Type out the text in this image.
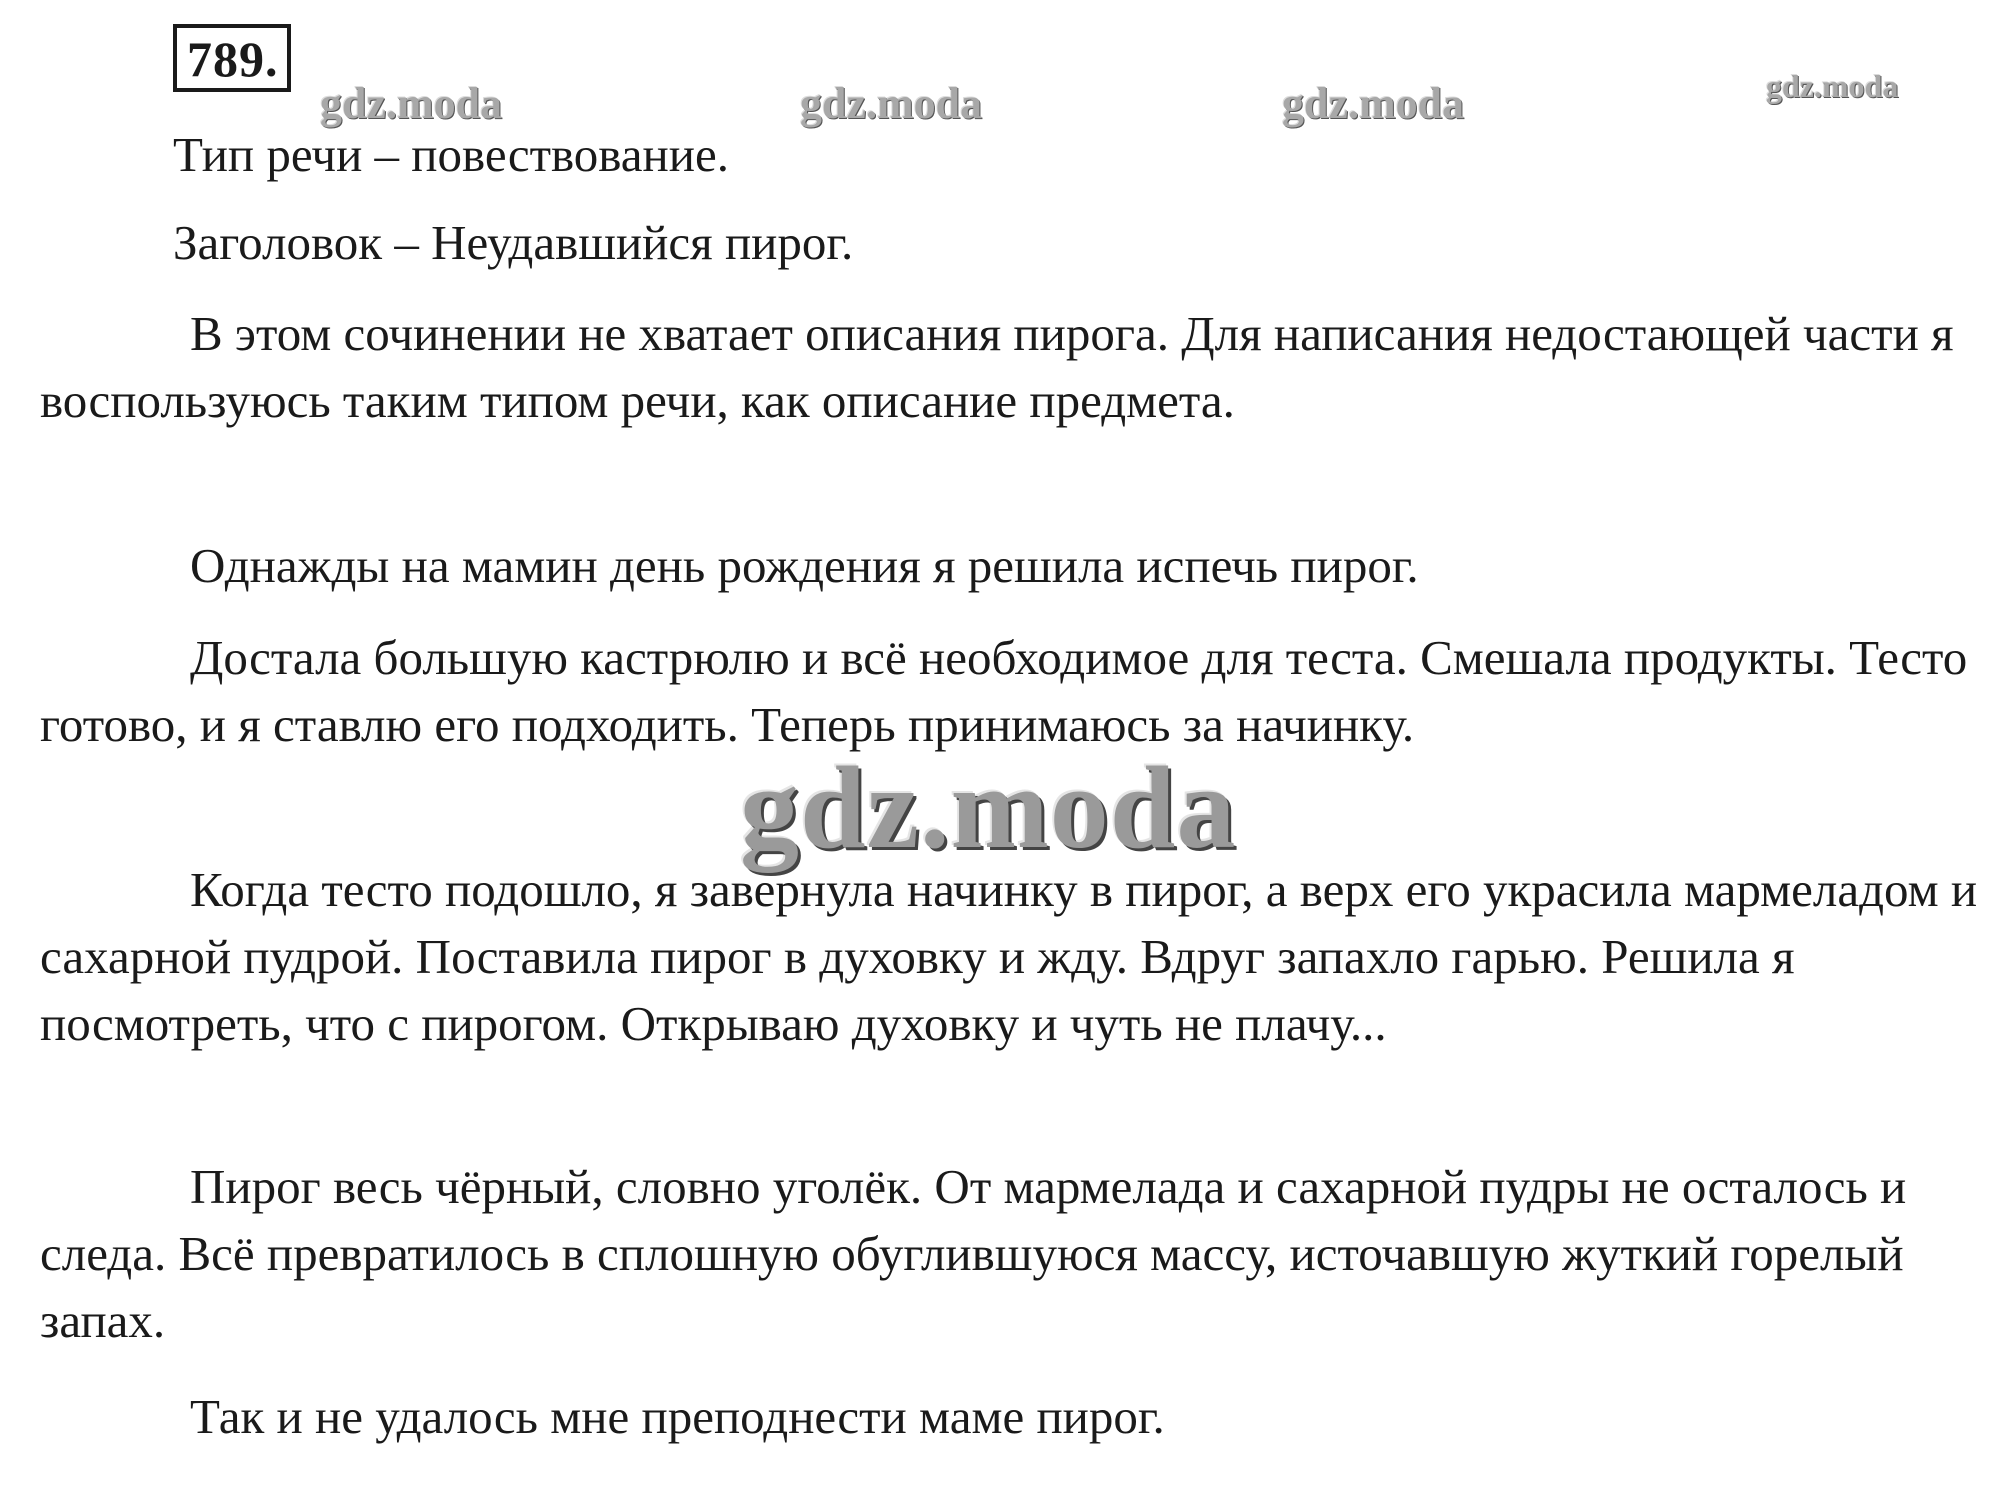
789.
gdz.moda	gdz.moda	gdz.moda	gdz.moda

Тип речи – повествование.

Заголовок – Неудавшийся пирог.

В этом сочинении не хватает описания пирога. Для написания недостающей части я воспользуюсь таким типом речи, как описание предмета.

Однажды на мамин день рождения я решила испечь пирог.

Достала большую кастрюлю и всё необходимое для теста. Смешала продукты. Тесто готово, и я ставлю его подходить. Теперь принимаюсь за начинку.

Когда тесто подошло, я завернула начинку в пирог, а верх его украсила мармеладом и сахарной пудрой. Поставила пирог в духовку и жду. Вдруг запахло гарью. Решила я посмотреть, что с пирогом. Открываю духовку и чуть не плачу...

Пирог весь чёрный, словно уголёк. От мармелада и сахарной пудры не осталось и следа. Всё превратилось в сплошную обуглившуюся массу, источавшую жуткий горелый запах.

Так и не удалось мне преподнести маме пирог.

gdz.moda
